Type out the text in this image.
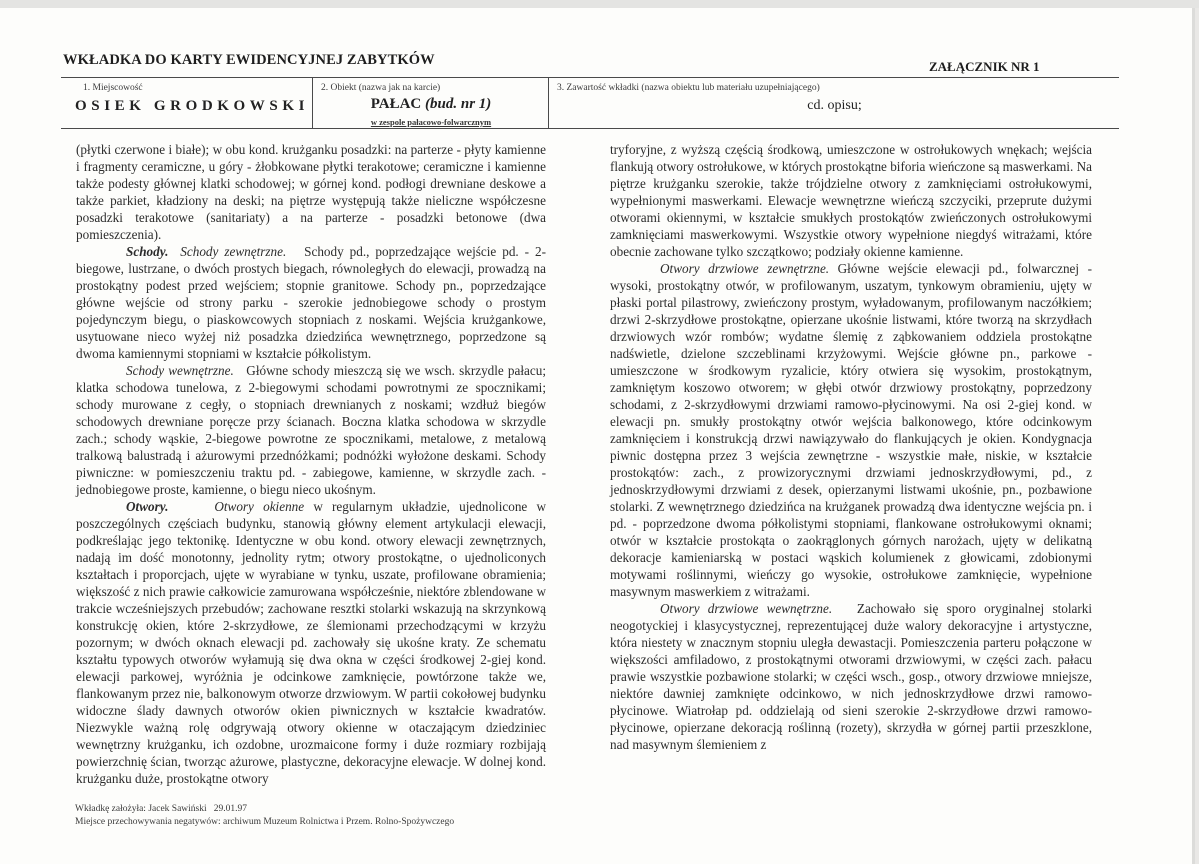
WKŁADKA DO KARTY EWIDENCYJNEJ ZABYTKÓW	ZAŁĄCZNIK NR 1
1. Miejscowość
OSIEK GRODKOWSKI
2. Obiekt (nazwa jak na karcie)
PAŁAC (bud. nr 1)
w zespole pałacowo-folwarcznym
3. Zawartość wkładki (nazwa obiektu lub materiału uzupełniającego)
cd. opisu;

(płytki czerwone i białe); w obu kond. krużganku posadzki: na parterze - płyty kamienne i fragmenty ceramiczne, u góry - żłobkowane płytki terakotowe; ceramiczne i kamienne także podesty głównej klatki schodowej; w górnej kond. podłogi drewniane deskowe a także parkiet, kładziony na deski; na piętrze występują także nieliczne współczesne posadzki terakotowe (sanitariaty) a na parterze - posadzki betonowe (dwa pomieszczenia).

Schody. Schody zewnętrzne. Schody pd., poprzedzające wejście pd. - 2-biegowe, lustrzane, o dwóch prostych biegach, równoległych do elewacji, prowadzą na prostokątny podest przed wejściem; stopnie granitowe. Schody pn., poprzedzające główne wejście od strony parku - szerokie jednobiegowe schody o prostym pojedynczym biegu, o piaskowcowych stopniach z noskami. Wejścia krużgankowe, usytuowane nieco wyżej niż posadzka dziedzińca wewnętrznego, poprzedzone są dwoma kamiennymi stopniami w kształcie półkolistym.

Schody wewnętrzne. Główne schody mieszczą się we wsch. skrzydle pałacu; klatka schodowa tunelowa, z 2-biegowymi schodami powrotnymi ze spocznikami; schody murowane z cegły, o stopniach drewnianych z noskami; wzdłuż biegów schodowych drewniane poręcze przy ścianach. Boczna klatka schodowa w skrzydle zach.; schody wąskie, 2-biegowe powrotne ze spocznikami, metalowe, z metalową tralkową balustradą i ażurowymi przednóżkami; podnóżki wyłożone deskami. Schody piwniczne: w pomieszczeniu traktu pd. - zabiegowe, kamienne, w skrzydle zach. - jednobiegowe proste, kamienne, o biegu nieco ukośnym.

Otwory.	Otwory okienne w regularnym układzie, ujednolicone w poszczególnych częściach budynku, stanowią główny element artykulacji elewacji, podkreślając jego tektonikę. Identyczne w obu kond. otwory elewacji zewnętrznych, nadają im dość monotonny, jednolity rytm; otwory prostokątne, o ujednoliconych kształtach i proporcjach, ujęte w wyrabiane w tynku, uszate, profilowane obramienia; większość z nich prawie całkowicie zamurowana współcześnie, niektóre zblendowane w trakcie wcześniejszych przebudów; zachowane resztki stolarki wskazują na skrzynkową konstrukcję okien, które 2-skrzydłowe, ze ślemionami przechodzącymi w krzyżu pozornym; w dwóch oknach elewacji pd. zachowały się ukośne kraty. Ze schematu kształtu typowych otworów wyłamują się dwa okna w części środkowej 2-giej kond. elewacji parkowej, wyróżnia je odcinkowe zamknięcie, powtórzone także we, flankowanym przez nie, balkonowym otworze drzwiowym. W partii cokołowej budynku widoczne ślady dawnych otworów okien piwnicznych w kształcie kwadratów. Niezwykle ważną rolę odgrywają otwory okienne w otaczającym dziedziniec wewnętrzny krużganku, ich ozdobne, urozmaicone formy i duże rozmiary rozbijają powierzchnię ścian, tworząc ażurowe, plastyczne, dekoracyjne elewacje. W dolnej kond. krużganku duże, prostokątne otwory

tryforyjne, z wyższą częścią środkową, umieszczone w ostrołukowych wnękach; wejścia flankują otwory ostrołukowe, w których prostokątne biforia wieńczone są maswerkami. Na piętrze krużganku szerokie, także trójdzielne otwory z zamknięciami ostrołukowymi, wypełnionymi maswerkami. Elewacje wewnętrzne wieńczą szczyciki, przeprute dużymi otworami okiennymi, w kształcie smukłych prostokątów zwieńczonych ostrołukowymi zamknięciami maswerkowymi. Wszystkie otwory wypełnione niegdyś witrażami, które obecnie zachowane tylko szczątkowo; podziały okienne kamienne.

Otwory drzwiowe zewnętrzne. Główne wejście elewacji pd., folwarcznej - wysoki, prostokątny otwór, w profilowanym, uszatym, tynkowym obramieniu, ujęty w płaski portal pilastrowy, zwieńczony prostym, wyładowanym, profilowanym naczółkiem; drzwi 2-skrzydłowe prostokątne, opierzane ukośnie listwami, które tworzą na skrzydłach drzwiowych wzór rombów; wydatne ślemię z ząbkowaniem oddziela prostokątne nadświetle, dzielone szczeblinami krzyżowymi. Wejście główne pn., parkowe - umieszczone w środkowym ryzalicie, który otwiera się wysokim, prostokątnym, zamkniętym koszowo otworem; w głębi otwór drzwiowy prostokątny, poprzedzony schodami, z 2-skrzydłowymi drzwiami ramowo-płycinowymi. Na osi 2-giej kond. w elewacji pn. smukły prostokątny otwór wejścia balkonowego, które odcinkowym zamknięciem i konstrukcją drzwi nawiązywało do flankujących je okien. Kondygnacja piwnic dostępna przez 3 wejścia zewnętrzne - wszystkie małe, niskie, w kształcie prostokątów: zach., z prowizorycznymi drzwiami jednoskrzydłowymi, pd., z jednoskrzydłowymi drzwiami z desek, opierzanymi listwami ukośnie, pn., pozbawione stolarki. Z wewnętrznego dziedzińca na krużganek prowadzą dwa identyczne wejścia pn. i pd. - poprzedzone dwoma półkolistymi stopniami, flankowane ostrołukowymi oknami; otwór w kształcie prostokąta o zaokrąglonych górnych narożach, ujęty w delikatną dekoracje kamieniarską w postaci wąskich kolumienek z głowicami, zdobionymi motywami roślinnymi, wieńczy go wysokie, ostrołukowe zamknięcie, wypełnione masywnym maswerkiem z witrażami.

Otwory drzwiowe wewnętrzne. Zachowało się sporo oryginalnej stolarki neogotyckiej i klasycystycznej, reprezentującej duże walory dekoracyjne i artystyczne, która niestety w znacznym stopniu uległa dewastacji. Pomieszczenia parteru połączone w większości amfiladowo, z prostokątnymi otworami drzwiowymi, w części zach. pałacu prawie wszystkie pozbawione stolarki; w części wsch., gosp., otwory drzwiowe mniejsze, niektóre dawniej zamknięte odcinkowo, w nich jednoskrzydłowe drzwi ramowo-płycinowe. Wiatrołap pd. oddzielają od sieni szerokie 2-skrzydłowe drzwi ramowo-płycinowe, opierzane dekoracją roślinną (rozety), skrzydła w górnej partii przeszklone, nad masywnym ślemieniem z

Wkładkę założyła: Jacek Sawiński   29.01.97
Miejsce przechowywania negatywów: archiwum Muzeum Rolnictwa i Przem. Rolno-Spożywczego
